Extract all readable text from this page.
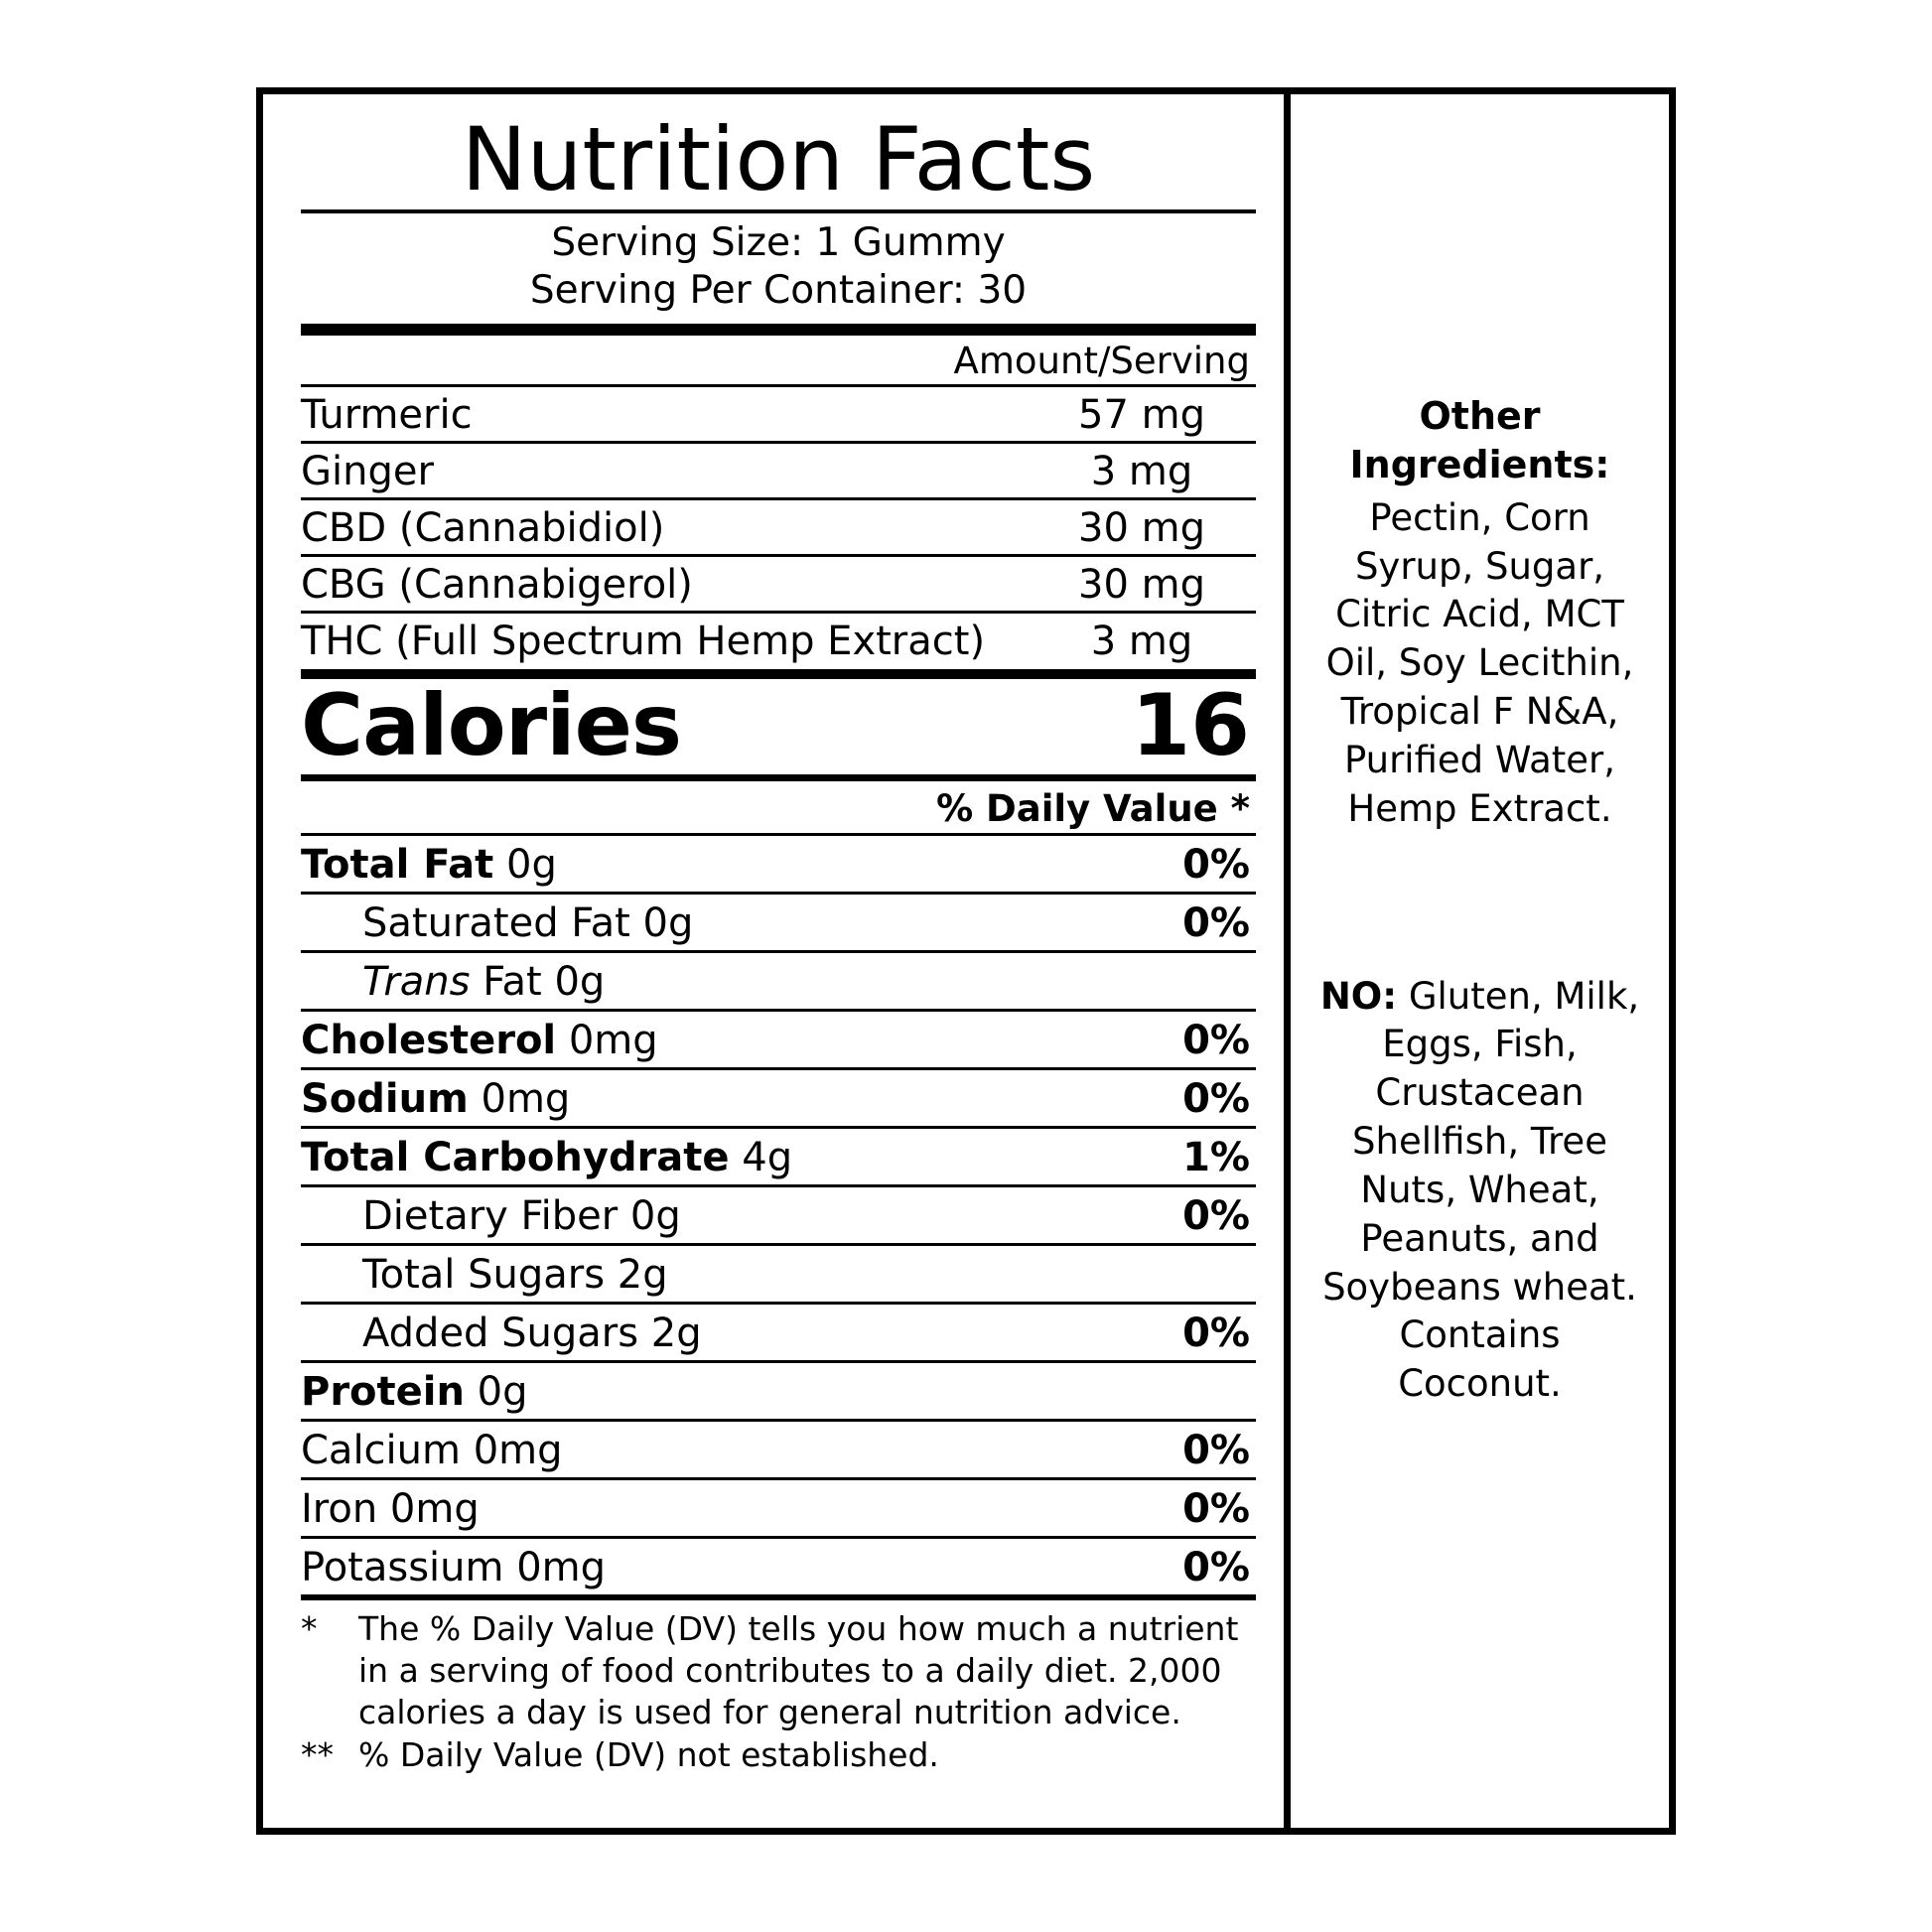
Nutrition Facts
Serving Size: 1 Gummy
Serving Per Container: 30
Amount/Serving
Turmeric	57 mg
Ginger	3 mg
CBD (Cannabidiol)	30 mg
CBG (Cannabigerol)	30 mg
THC (Full Spectrum Hemp Extract)	3 mg
Calories	16
% Daily Value *
Total Fat 0g	0%
Saturated Fat 0g	0%
Trans Fat 0g
Cholesterol 0mg	0%
Sodium 0mg	0%
Total Carbohydrate 4g	1%
Dietary Fiber 0g	0%
Total Sugars 2g
Added Sugars 2g	0%
Protein 0g
Calcium 0mg	0%
Iron 0mg	0%
Potassium 0mg	0%
*	The % Daily Value (DV) tells you how much a nutrient in a serving of food contributes to a daily diet. 2,000 calories a day is used for general nutrition advice.
** % Daily Value (DV) not established.
Other Ingredients:
Pectin, Corn Syrup, Sugar, Citric Acid, MCT Oil, Soy Lecithin, Tropical F N&A, Purified Water, Hemp Extract.
NO: Gluten, Milk, Eggs, Fish, Crustacean Shellfish, Tree Nuts, Wheat, Peanuts, and Soybeans wheat. Contains Coconut.
